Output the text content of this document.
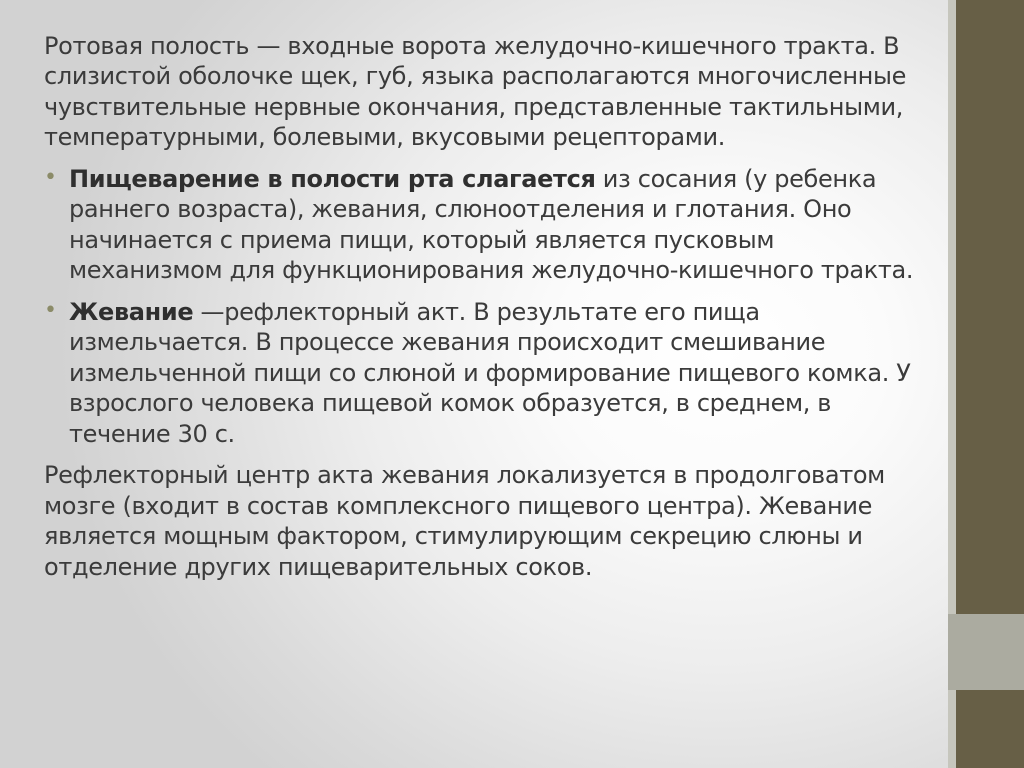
Ротовая полость — входные ворота желудочно-кишечного тракта. В слизистой оболочке щек, губ, языка располагаются многочисленные чувствительные нервные окончания, представленные тактильными, температурными, болевыми, вкусовыми рецепторами.

• Пищеварение в полости рта слагается из сосания (у ребенка раннего возраста), жевания, слюноотделения и глотания. Оно начинается с приема пищи, который является пусковым механизмом для функционирования желудочно-кишечного тракта.
• Жевание —рефлекторный акт. В результате его пища измельчается. В процессе жевания происходит смешивание измельченной пищи со слюной и формирование пищевого комка. У взрослого человека пищевой комок образуется, в среднем, в течение 30 с.

Рефлекторный центр акта жевания локализуется в продолговатом мозге (входит в состав комплексного пищевого центра). Жевание является мощным фактором, стимулирующим секрецию слюны и отделение других пищеварительных соков.
